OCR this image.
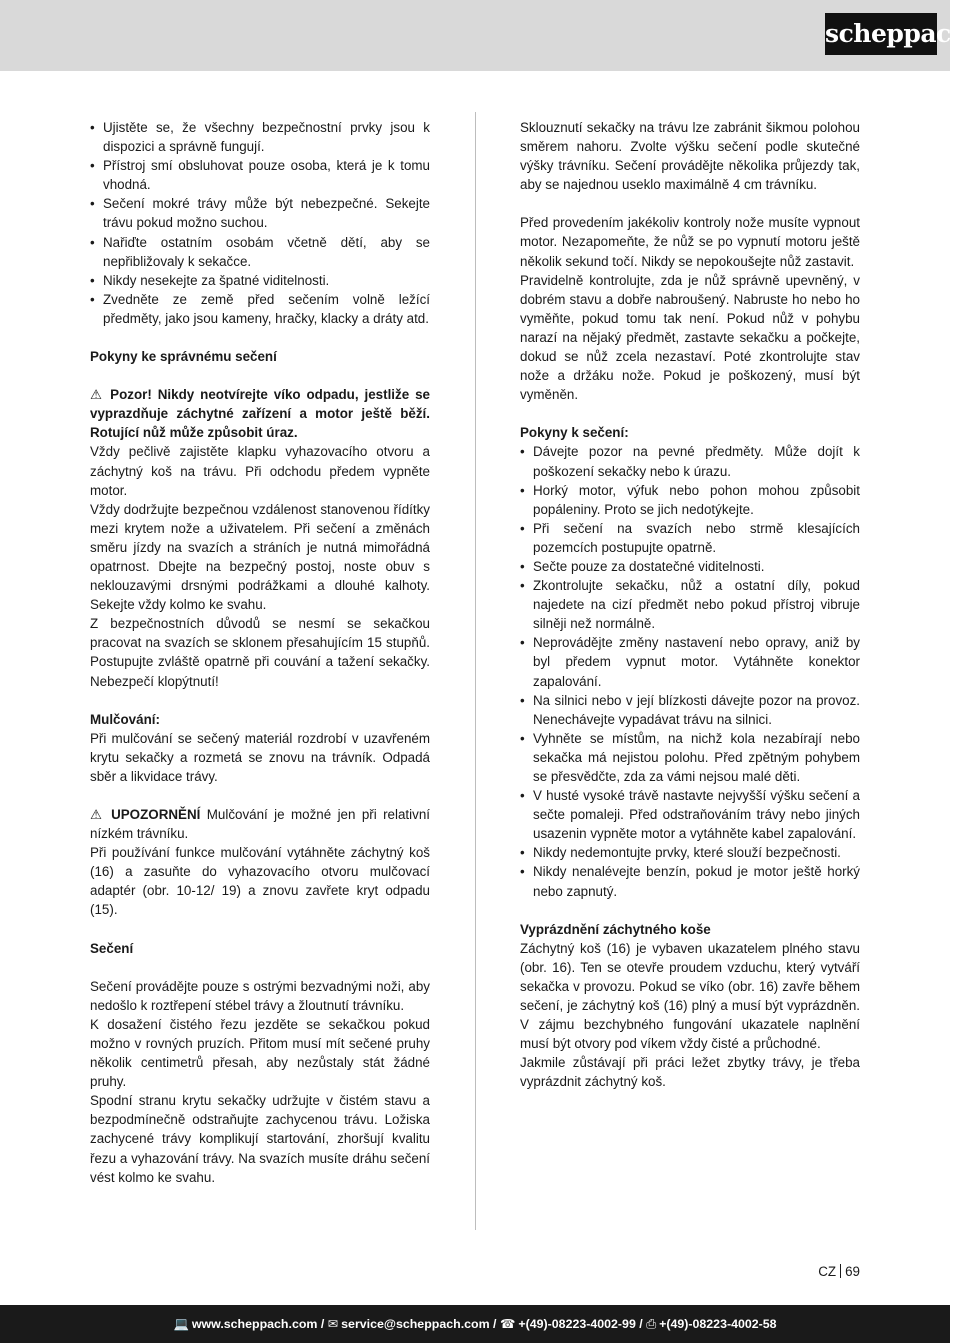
scheppach
• Ujistěte se, že všechny bezpečnostní prvky jsou k dispozici a správně fungují.
• Přístroj smí obsluhovat pouze osoba, která je k tomu vhodná.
• Sečení mokré trávy může být nebezpečné. Sekejte trávu pokud možno suchou.
• Nařiďte ostatním osobám včetně dětí, aby se nepřibližovaly k sekačce.
• Nikdy nesekejte za špatné viditelnosti.
• Zvedněte ze země před sečením volně ležící předměty, jako jsou kameny, hračky, klacky a dráty atd.

Pokyny ke správnému sečení

⚠ Pozor! Nikdy neotvírejte víko odpadu, jestliže se vyprazdňuje záchytné zařízení a motor ještě běží. Rotující nůž může způsobit úraz.

Vždy pečlivě zajistěte klapku vyhazovacího otvoru a záchytný koš na trávu. Při odchodu předem vypněte motor.

Vždy dodržujte bezpečnou vzdálenost stanovenou řídítky mezi krytem nože a uživatelem. Při sečení a změnách směru jízdy na svazích a stráních je nutná mimořádná opatrnost. Dbejte na bezpečný postoj, noste obuv s neklouzavými drsnými podrážkami a dlouhé kalhoty. Sekejte vždy kolmo ke svahu.

Z bezpečnostních důvodů se nesmí se sekačkou pracovat na svazích se sklonem přesahujícím 15 stupňů. Postupujte zvláště opatrně při couvání a tažení sekačky. Nebezpečí klopýtnutí!

Mulčování:

Při mulčování se sečený materiál rozdrobí v uzavřeném krytu sekačky a rozmetá se znovu na trávník. Odpadá sběr a likvidace trávy.

⚠ UPOZORNĚNÍ Mulčování je možné jen při relativní nízkém trávníku.

Při používání funkce mulčování vytáhněte záchytný koš (16) a zasuňte do vyhazovacího otvoru mulčovací adaptér (obr. 10-12/ 19) a znovu zavřete kryt odpadu (15).

Sečení

Sečení provádějte pouze s ostrými bezvadnými noži, aby nedošlo k roztřepení stébel trávy a žloutnutí trávníku.

K dosažení čistého řezu jezděte se sekačkou pokud možno v rovných pruzích. Přitom musí mít sečené pruhy několik centimetrů přesah, aby nezůstaly stát žádné pruhy.

Spodní stranu krytu sekačky udržujte v čistém stavu a bezpodmínečně odstraňujte zachycenou trávu. Ložiska zachycené trávy komplikují startování, zhoršují kvalitu řezu a vyhazování trávy. Na svazích musíte dráhu sečení vést kolmo ke svahu.

Sklouznutí sekačky na trávu lze zabránit šikmou polohou směrem nahoru. Zvolte výšku sečení podle skutečné výšky trávníku. Sečení provádějte několika průjezdy tak, aby se najednou useklo maximálně 4 cm trávníku.

Před provedením jakékoliv kontroly nože musíte vypnout motor. Nezapomeňte, že nůž se po vypnutí motoru ještě několik sekund točí. Nikdy se nepokoušejte nůž zastavit.

Pravidelně kontrolujte, zda je nůž správně upevněný, v dobrém stavu a dobře nabroušený. Nabruste ho nebo ho vyměňte, pokud tomu tak není. Pokud nůž v pohybu narazí na nějaký předmět, zastavte sekačku a počkejte, dokud se nůž zcela nezastaví. Poté zkontrolujte stav nože a držáku nože. Pokud je poškozený, musí být vyměněn.

Pokyny k sečení:

• Dávejte pozor na pevné předměty. Může dojít k poškození sekačky nebo k úrazu.
• Horký motor, výfuk nebo pohon mohou způsobit popáleniny. Proto se jich nedotýkejte.
• Při sečení na svazích nebo strmě klesajících pozemcích postupujte opatrně.
• Sečte pouze za dostatečné viditelnosti.
• Zkontrolujte sekačku, nůž a ostatní díly, pokud najedete na cizí předmět nebo pokud přístroj vibruje silněji než normálně.
• Neprovádějte změny nastavení nebo opravy, aniž by byl předem vypnut motor. Vytáhněte konektor zapalování.
• Na silnici nebo v její blízkosti dávejte pozor na provoz. Nenechávejte vypadávat trávu na silnici.
• Vyhněte se místům, na nichž kola nezabírají nebo sekačka má nejistou polohu. Před zpětným pohybem se přesvědčte, zda za vámi nejsou malé děti.
• V husté vysoké trávě nastavte nejvyšší výšku sečení a sečte pomaleji. Před odstraňováním trávy nebo jiných usazenin vypněte motor a vytáhněte kabel zapalování.
• Nikdy nedemontujte prvky, které slouží bezpečnosti.
• Nikdy nenalévejte benzín, pokud je motor ještě horký nebo zapnutý.

Vyprázdnění záchytného koše

Záchytný koš (16) je vybaven ukazatelem plného stavu (obr. 16). Ten se otevře proudem vzduchu, který vytváří sekačka v provozu. Pokud se víko (obr. 16) zavře během sečení, je záchytný koš (16) plný a musí být vyprázdněn. V zájmu bezchybného fungování ukazatele naplnění musí být otvory pod víkem vždy čisté a průchodné.

Jakmile zůstávají při práci ležet zbytky trávy, je třeba vyprázdnit záchytný koš.

CZ 69
💻 www.scheppach.com / ✉ service@scheppach.com / ☎ +(49)-08223-4002-99 / ⎙ +(49)-08223-4002-58
